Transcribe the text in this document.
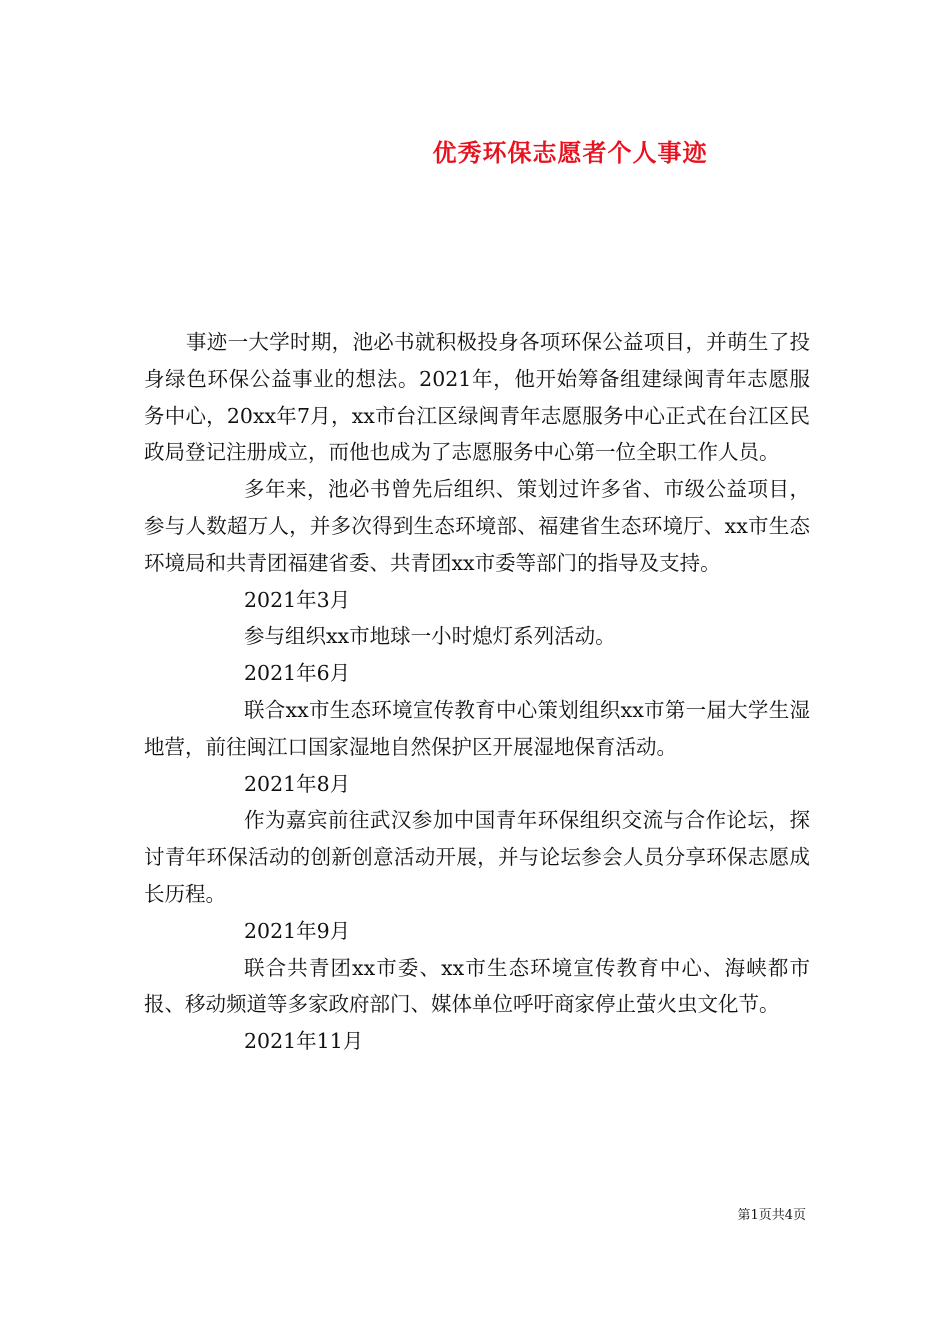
优秀环保志愿者个人事迹

事迹一大学时期，池必书就积极投身各项环保公益项目，并萌生了投身绿色环保公益事业的想法。2021年，他开始筹备组建绿闽青年志愿服务中心，20xx年7月，xx市台江区绿闽青年志愿服务中心正式在台江区民政局登记注册成立，而他也成为了志愿服务中心第一位全职工作人员。

多年来，池必书曾先后组织、策划过许多省、市级公益项目，参与人数超万人，并多次得到生态环境部、福建省生态环境厅、xx市生态环境局和共青团福建省委、共青团xx市委等部门的指导及支持。

2021年3月

参与组织xx市地球一小时熄灯系列活动。

2021年6月

联合xx市生态环境宣传教育中心策划组织xx市第一届大学生湿地营，前往闽江口国家湿地自然保护区开展湿地保育活动。

2021年8月

作为嘉宾前往武汉参加中国青年环保组织交流与合作论坛，探讨青年环保活动的创新创意活动开展，并与论坛参会人员分享环保志愿成长历程。

2021年9月

联合共青团xx市委、xx市生态环境宣传教育中心、海峡都市报、移动频道等多家政府部门、媒体单位呼吁商家停止萤火虫文化节。

2021年11月

第1页共4页
